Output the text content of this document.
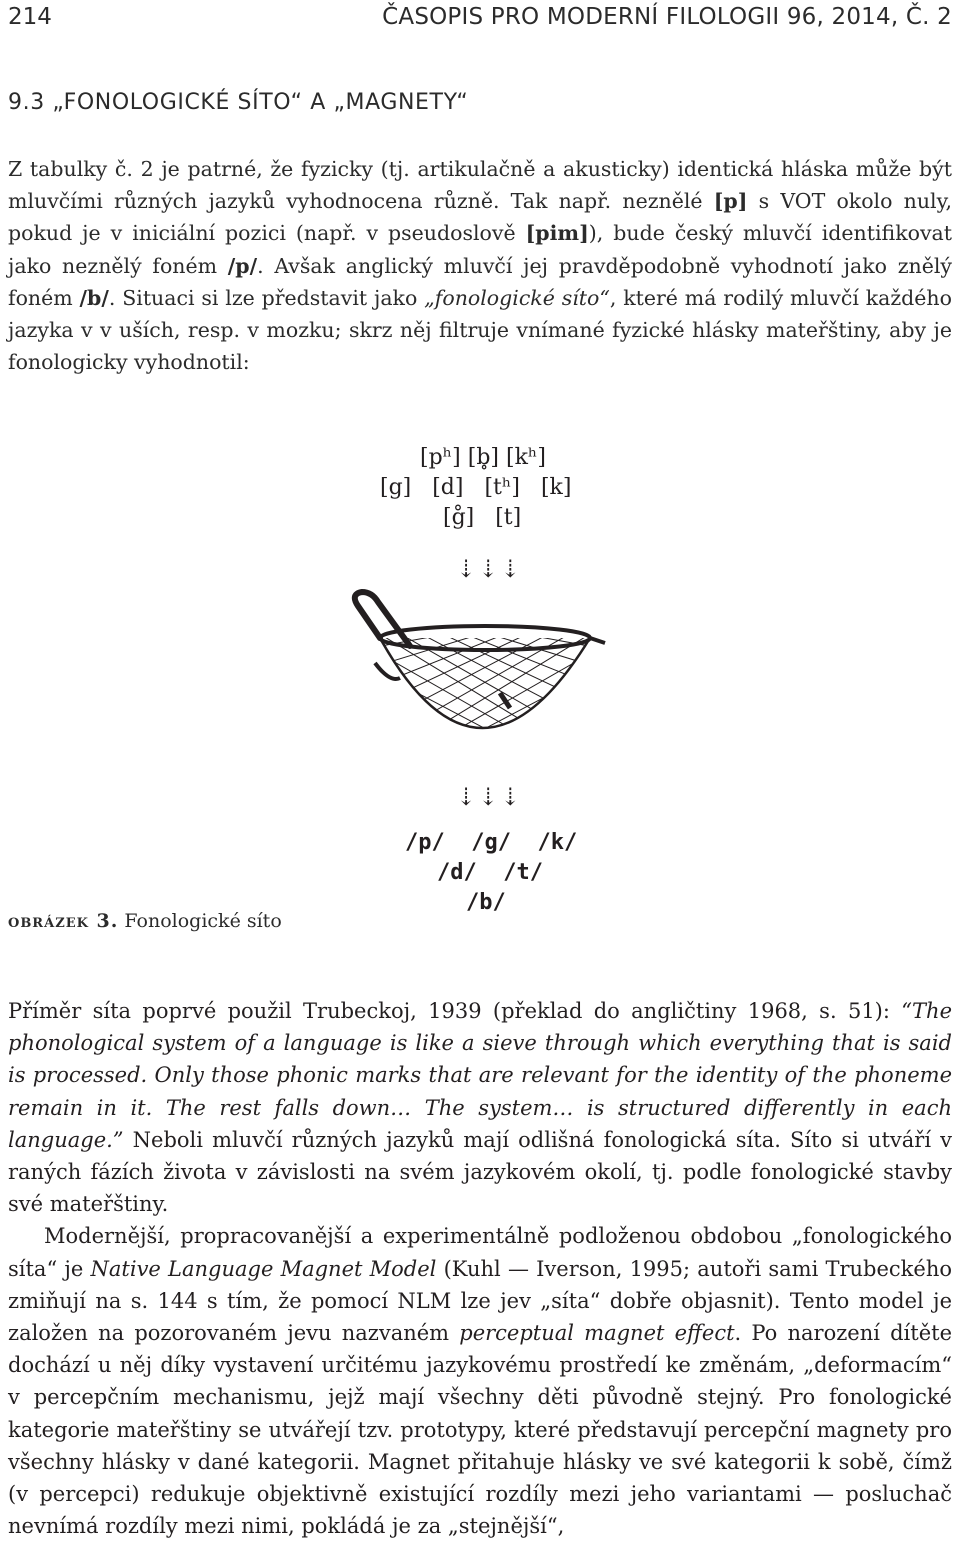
214	ČASOPIS PRO MODERNÍ FILOLOGII 96, 2014, Č. 2
9.3 „FONOLOGICKÉ SÍTO“ A „MAGNETY“
Z tabulky č. 2 je patrné, že fyzicky (tj. artikulačně a akusticky) identická hláska může být mluvčími různých jazyků vyhodnocena různě. Tak např. neznělé [p] s VOT okolo nuly, pokud je v iniciální pozici (např. v pseudoslově [pim]), bude český mluvčí identifikovat jako neznělý foném /p/. Avšak anglický mluvčí jej pravděpodobně vyhodnotí jako znělý foném /b/. Situaci si lze představit jako „fonologické síto“, které má rodilý mluvčí každého jazyka v v uších, resp. v mozku; skrz něj filtruje vnímané fyzické hlásky mateřštiny, aby je fonologicky vyhodnotil:
[pʰ] [b̥] [kʰ]
[g]   [d]   [tʰ]   [k]
[g̊]   [t]
⇣⇣⇣
⇣⇣⇣
/p/  /g/  /k/
/d/  /t/
/b/
obrázek 3. Fonologické síto

Příměr síta poprvé použil Trubeckoj, 1939 (překlad do angličtiny 1968, s. 51): “The phonological system of a language is like a sieve through which everything that is said is processed. Only those phonic marks that are relevant for the identity of the phoneme remain in it. The rest falls down… The system… is structured differently in each language.” Neboli mluvčí různých jazyků mají odlišná fonologická síta. Síto si utváří v raných fázích života v závislosti na svém jazykovém okolí, tj. podle fonologické stavby své mateřštiny.

Modernější, propracovanější a experimentálně podloženou obdobou „fonologického síta“ je Native Language Magnet Model (Kuhl — Iverson, 1995; autoři sami Trubeckého zmiňují na s. 144 s tím, že pomocí NLM lze jev „síta“ dobře objasnit). Tento model je založen na pozorovaném jevu nazvaném perceptual magnet effect. Po narození dítěte dochází u něj díky vystavení určitému jazykovému prostředí ke změnám, „deformacím“ v percepčním mechanismu, jejž mají všechny děti původně stejný. Pro fonologické kategorie mateřštiny se utvářejí tzv. prototypy, které představují percepční magnety pro všechny hlásky v dané kategorii. Magnet přitahuje hlásky ve své kategorii k sobě, čímž (v percepci) redukuje objektivně existující rozdíly mezi jeho variantami — posluchač nevnímá rozdíly mezi nimi, pokládá je za „stejnější“,
